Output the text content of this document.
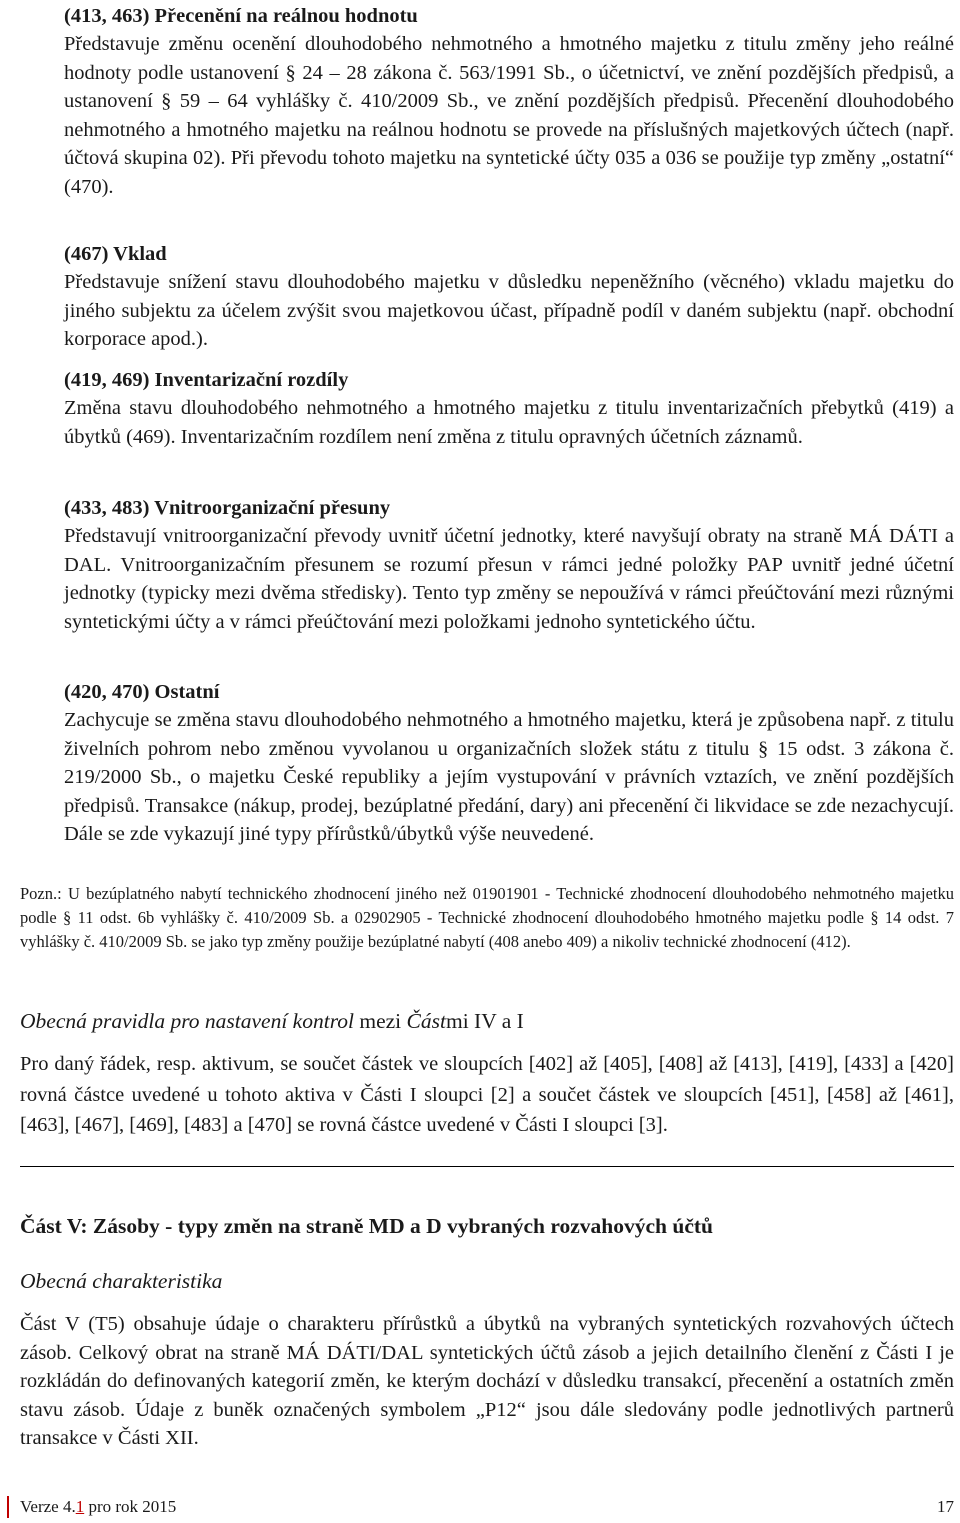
(413, 463) Přecenění na reálnou hodnotu

Představuje změnu ocenění dlouhodobého nehmotného a hmotného majetku z titulu změny jeho reálné hodnoty podle ustanovení § 24 – 28 zákona č. 563/1991 Sb., o účetnictví, ve znění pozdějších předpisů, a ustanovení § 59 – 64 vyhlášky č. 410/2009 Sb., ve znění pozdějších předpisů. Přecenění dlouhodobého nehmotného a hmotného majetku na reálnou hodnotu se provede na příslušných majetkových účtech (např. účtová skupina 02). Při převodu tohoto majetku na syntetické účty 035 a 036 se použije typ změny „ostatní“ (470).

(467) Vklad

Představuje snížení stavu dlouhodobého majetku v důsledku nepeněžního (věcného) vkladu majetku do jiného subjektu za účelem zvýšit svou majetkovou účast, případně podíl v daném subjektu (např. obchodní korporace apod.).

(419, 469) Inventarizační rozdíly

Změna stavu dlouhodobého nehmotného a hmotného majetku z titulu inventarizačních přebytků (419) a úbytků (469). Inventarizačním rozdílem není změna z titulu opravných účetních záznamů.

(433, 483) Vnitroorganizační přesuny

Představují vnitroorganizační převody uvnitř účetní jednotky, které navyšují obraty na straně MÁ DÁTI a DAL. Vnitroorganizačním přesunem se rozumí přesun v rámci jedné položky PAP uvnitř jedné účetní jednotky (typicky mezi dvěma středisky). Tento typ změny se nepoužívá v rámci přeúčtování mezi různými syntetickými účty a v rámci přeúčtování mezi položkami jednoho syntetického účtu.

(420, 470) Ostatní

Zachycuje se změna stavu dlouhodobého nehmotného a hmotného majetku, která je způsobena např. z titulu živelních pohrom nebo změnou vyvolanou u organizačních složek státu z titulu § 15 odst. 3 zákona č. 219/2000 Sb., o majetku České republiky a jejím vystupování v právních vztazích, ve znění pozdějších předpisů. Transakce (nákup, prodej, bezúplatné předání, dary) ani přecenění či likvidace se zde nezachycují. Dále se zde vykazují jiné typy přírůstků/úbytků výše neuvedené.

Pozn.: U bezúplatného nabytí technického zhodnocení jiného než 01901901 - Technické zhodnocení dlouhodobého nehmotného majetku podle § 11 odst. 6b vyhlášky č. 410/2009 Sb. a 02902905 - Technické zhodnocení dlouhodobého hmotného majetku podle § 14 odst. 7 vyhlášky č. 410/2009 Sb. se jako typ změny použije bezúplatné nabytí (408 anebo 409) a nikoliv technické zhodnocení (412).

Obecná pravidla pro nastavení kontrol mezi Částmi IV a I

Pro daný řádek, resp. aktivum, se součet částek ve sloupcích [402] až [405], [408] až [413], [419], [433] a [420] rovná částce uvedené u tohoto aktiva v Části I sloupci [2] a součet částek ve sloupcích [451], [458] až [461], [463], [467], [469], [483] a [470] se rovná částce uvedené v Části I sloupci [3].

Část V: Zásoby - typy změn na straně MD a D vybraných rozvahových účtů
Obecná charakteristika

Část V (T5) obsahuje údaje o charakteru přírůstků a úbytků na vybraných syntetických rozvahových účtech zásob. Celkový obrat na straně MÁ DÁTI/DAL syntetických účtů zásob a jejich detailního členění z Části I je rozkládán do definovaných kategorií změn, ke kterým dochází v důsledku transakcí, přecenění a ostatních změn stavu zásob. Údaje z buněk označených symbolem „P12“ jsou dále sledovány podle jednotlivých partnerů transakce v Části XII.

Verze 4.1 pro rok 2015	17
